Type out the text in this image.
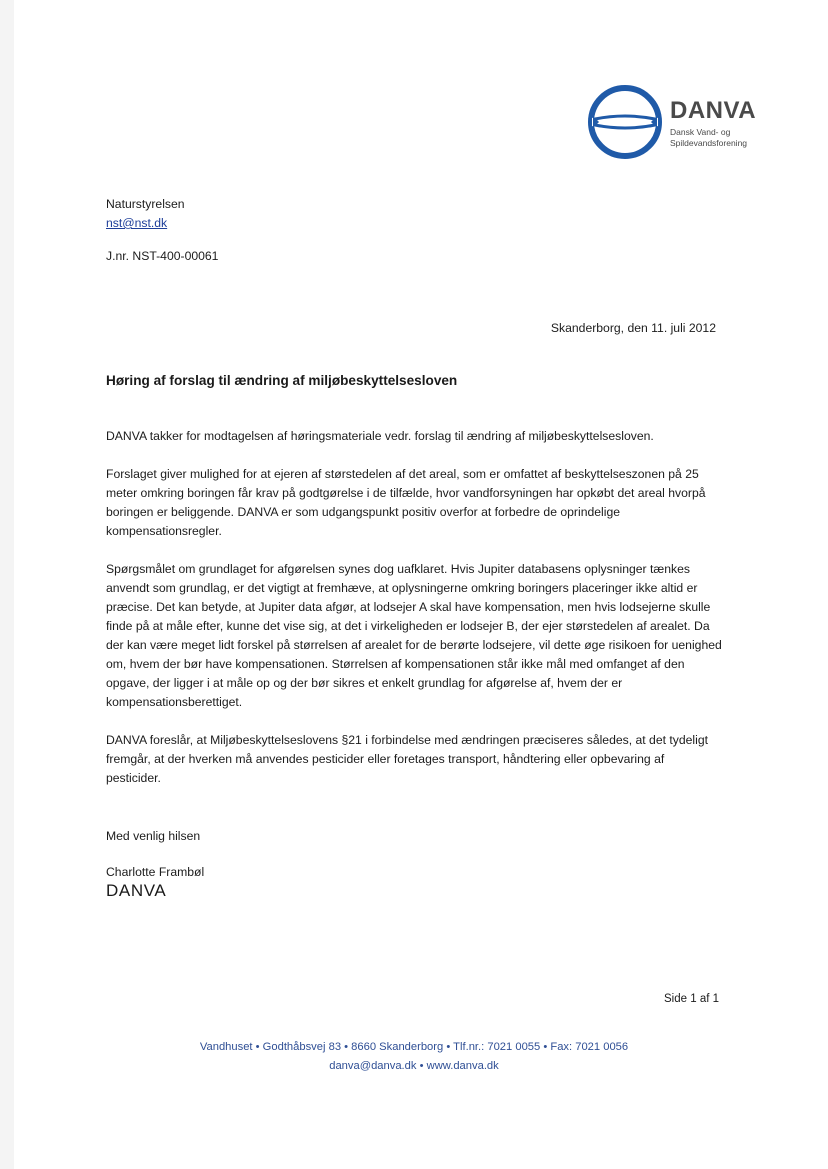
DANVA
Dansk Vand- og
Spildevandsforening
Naturstyrelsen
nst@nst.dk
J.nr. NST-400-00061
Skanderborg, den 11. juli 2012
Høring af forslag til ændring af miljøbeskyttelsesloven

DANVA takker for modtagelsen af høringsmateriale vedr. forslag til ændring af miljøbeskyttelsesloven.

Forslaget giver mulighed for at ejeren af størstedelen af det areal, som er omfattet af beskyttelseszonen på 25 meter omkring boringen får krav på godtgørelse i de tilfælde, hvor vandforsyningen har opkøbt det areal hvorpå boringen er beliggende. DANVA er som udgangspunkt positiv overfor at forbedre de oprindelige kompensationsregler.

Spørgsmålet om grundlaget for afgørelsen synes dog uafklaret. Hvis Jupiter databasens oplysninger tænkes anvendt som grundlag, er det vigtigt at fremhæve, at oplysningerne omkring boringers placeringer ikke altid er præcise. Det kan betyde, at Jupiter data afgør, at lodsejer A skal have kompensation, men hvis lodsejerne skulle finde på at måle efter, kunne det vise sig, at det i virkeligheden er lodsejer B, der ejer størstedelen af arealet. Da der kan være meget lidt forskel på størrelsen af arealet for de berørte lodsejere, vil dette øge risikoen for uenighed om, hvem der bør have kompensationen. Størrelsen af kompensationen står ikke mål med omfanget af den opgave, der ligger i at måle op og der bør sikres et enkelt grundlag for afgørelse af, hvem der er kompensationsberettiget.

DANVA foreslår, at Miljøbeskyttelseslovens §21 i forbindelse med ændringen præciseres således, at det tydeligt fremgår, at der hverken må anvendes pesticider eller foretages transport, håndtering eller opbevaring af pesticider.

Med venlig hilsen
Charlotte Frambøl
DANVA
Side 1 af 1
Vandhuset • Godthåbsvej 83 • 8660 Skanderborg • Tlf.nr.: 7021 0055 • Fax: 7021 0056
danva@danva.dk • www.danva.dk
